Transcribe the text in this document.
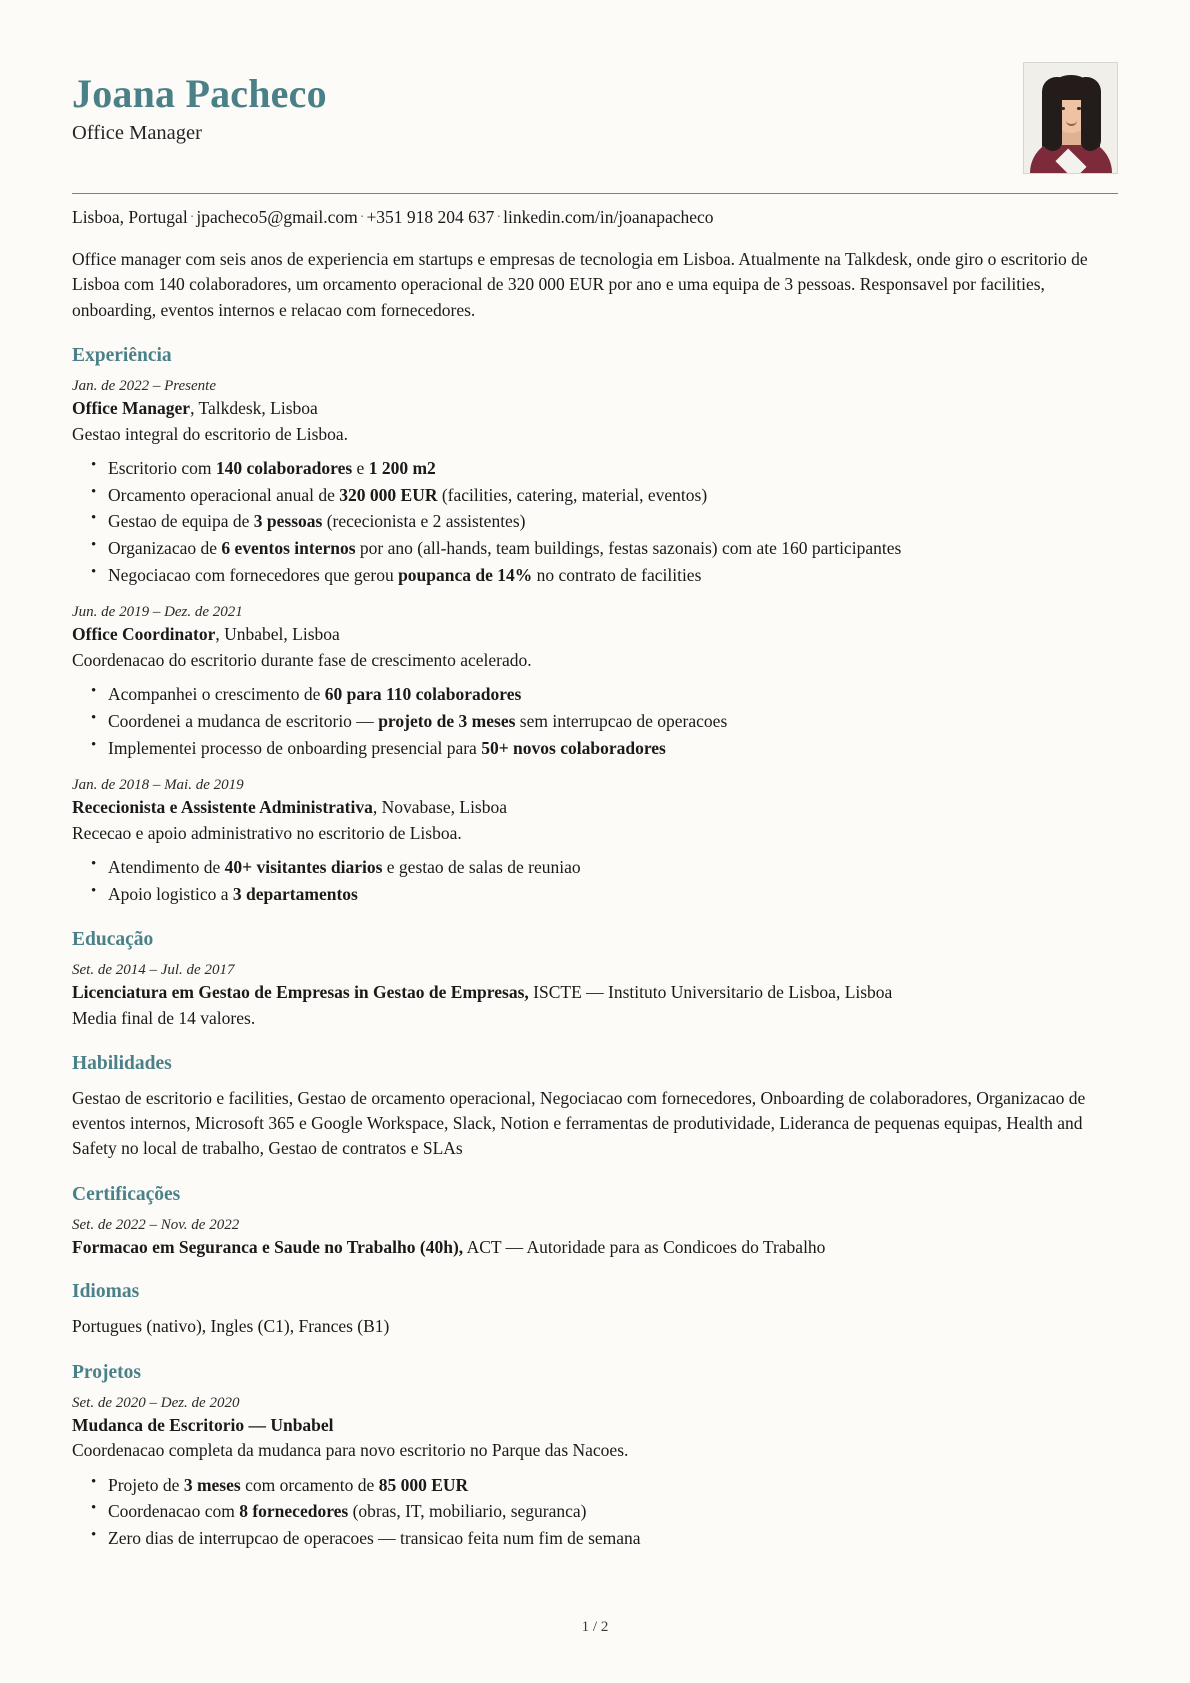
Joana Pacheco
Office Manager
Lisboa, Portugal · jpacheco5@gmail.com · +351 918 204 637 · linkedin.com/in/joanapacheco
Office manager com seis anos de experiencia em startups e empresas de tecnologia em Lisboa. Atualmente na Talkdesk, onde giro o escritorio de Lisboa com 140 colaboradores, um orcamento operacional de 320 000 EUR por ano e uma equipa de 3 pessoas. Responsavel por facilities, onboarding, eventos internos e relacao com fornecedores.
Experiência
Jan. de 2022 – Presente
Office Manager, Talkdesk, Lisboa
Gestao integral do escritorio de Lisboa.
• Escritorio com 140 colaboradores e 1 200 m2
• Orcamento operacional anual de 320 000 EUR (facilities, catering, material, eventos)
• Gestao de equipa de 3 pessoas (rececionista e 2 assistentes)
• Organizacao de 6 eventos internos por ano (all-hands, team buildings, festas sazonais) com ate 160 participantes
• Negociacao com fornecedores que gerou poupanca de 14% no contrato de facilities
Jun. de 2019 – Dez. de 2021
Office Coordinator, Unbabel, Lisboa
Coordenacao do escritorio durante fase de crescimento acelerado.
• Acompanhei o crescimento de 60 para 110 colaboradores
• Coordenei a mudanca de escritorio — projeto de 3 meses sem interrupcao de operacoes
• Implementei processo de onboarding presencial para 50+ novos colaboradores
Jan. de 2018 – Mai. de 2019
Rececionista e Assistente Administrativa, Novabase, Lisboa
Rececao e apoio administrativo no escritorio de Lisboa.
• Atendimento de 40+ visitantes diarios e gestao de salas de reuniao
• Apoio logistico a 3 departamentos
Educação
Set. de 2014 – Jul. de 2017
Licenciatura em Gestao de Empresas in Gestao de Empresas, ISCTE — Instituto Universitario de Lisboa, Lisboa
Media final de 14 valores.
Habilidades
Gestao de escritorio e facilities, Gestao de orcamento operacional, Negociacao com fornecedores, Onboarding de colaboradores, Organizacao de eventos internos, Microsoft 365 e Google Workspace, Slack, Notion e ferramentas de produtividade, Lideranca de pequenas equipas, Health and Safety no local de trabalho, Gestao de contratos e SLAs
Certificações
Set. de 2022 – Nov. de 2022
Formacao em Seguranca e Saude no Trabalho (40h), ACT — Autoridade para as Condicoes do Trabalho
Idiomas
Portugues (nativo), Ingles (C1), Frances (B1)
Projetos
Set. de 2020 – Dez. de 2020
Mudanca de Escritorio — Unbabel
Coordenacao completa da mudanca para novo escritorio no Parque das Nacoes.
• Projeto de 3 meses com orcamento de 85 000 EUR
• Coordenacao com 8 fornecedores (obras, IT, mobiliario, seguranca)
• Zero dias de interrupcao de operacoes — transicao feita num fim de semana
1 / 2
